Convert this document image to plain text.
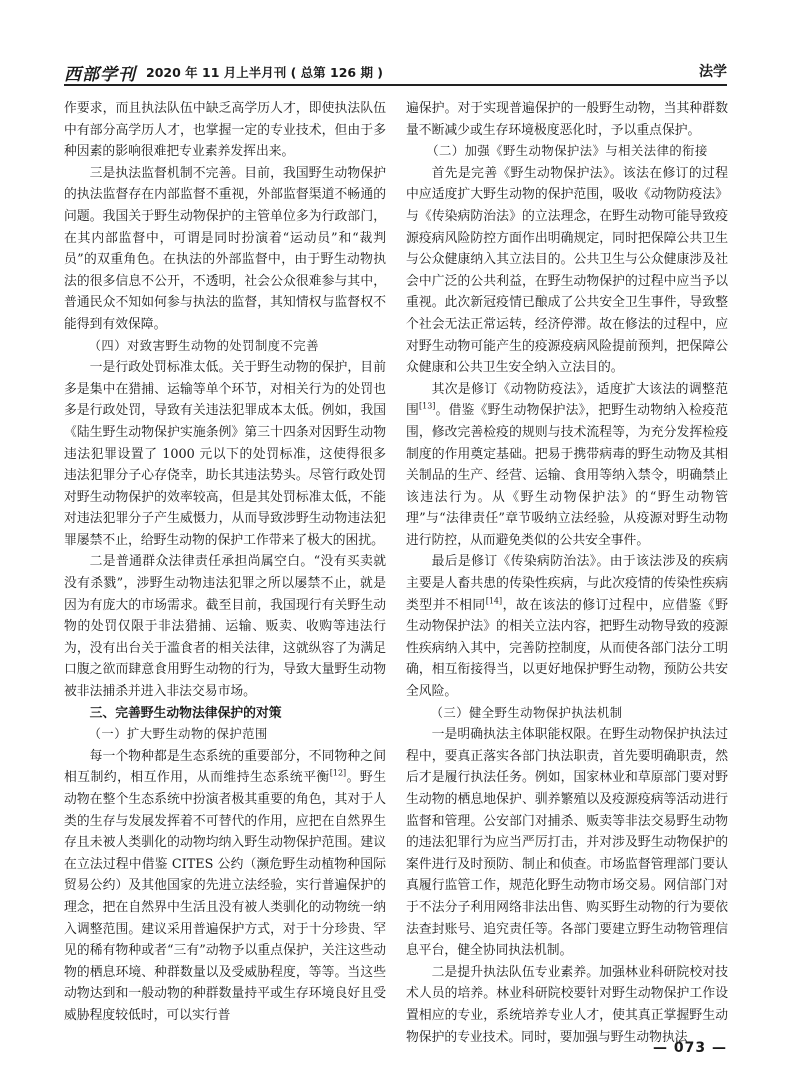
西部学刊 2020 年 11 月上半月刊 ( 总第 126 期 )	法学

作要求，而且执法队伍中缺乏高学历人才，即使执法队伍中有部分高学历人才，也掌握一定的专业技术，但由于多种因素的影响很难把专业素养发挥出来。

三是执法监督机制不完善。目前，我国野生动物保护的执法监督存在内部监督不重视，外部监督渠道不畅通的问题。我国关于野生动物保护的主管单位多为行政部门，在其内部监督中，可谓是同时扮演着“运动员”和“裁判员”的双重角色。在执法的外部监督中，由于野生动物执法的很多信息不公开，不透明，社会公众很难参与其中，普通民众不知如何参与执法的监督，其知情权与监督权不能得到有效保障。

（四）对致害野生动物的处罚制度不完善

一是行政处罚标准太低。关于野生动物的保护，目前多是集中在猎捕、运输等单个环节，对相关行为的处罚也多是行政处罚，导致有关违法犯罪成本太低。例如，我国《陆生野生动物保护实施条例》第三十四条对因野生动物违法犯罪设置了 1000 元以下的处罚标准，这使得很多违法犯罪分子心存侥幸，助长其违法势头。尽管行政处罚对野生动物保护的效率较高，但是其处罚标准太低，不能对违法犯罪分子产生威慑力，从而导致涉野生动物违法犯罪屡禁不止，给野生动物的保护工作带来了极大的困扰。

二是普通群众法律责任承担尚属空白。“没有买卖就没有杀戮”，涉野生动物违法犯罪之所以屡禁不止，就是因为有庞大的市场需求。截至目前，我国现行有关野生动物的处罚仅限于非法猎捕、运输、贩卖、收购等违法行为，没有出台关于滥食者的相关法律，这就纵容了为满足口腹之欲而肆意食用野生动物的行为，导致大量野生动物被非法捕杀并进入非法交易市场。

三、完善野生动物法律保护的对策
（一）扩大野生动物的保护范围

每一个物种都是生态系统的重要部分，不同物种之间相互制约，相互作用，从而维持生态系统平衡[12]。野生动物在整个生态系统中扮演者极其重要的角色，其对于人类的生存与发展发挥着不可替代的作用，应把在自然界生存且未被人类驯化的动物均纳入野生动物保护范围。建议在立法过程中借鉴 CITES 公约（濒危野生动植物种国际贸易公约）及其他国家的先进立法经验，实行普遍保护的理念，把在自然界中生活且没有被人类驯化的动物统一纳入调整范围。建议采用普遍保护方式，对于十分珍贵、罕见的稀有物种或者“三有”动物予以重点保护，关注这些动物的栖息环境、种群数量以及受威胁程度，等等。当这些动物达到和一般动物的种群数量持平或生存环境良好且受威胁程度较低时，可以实行普

遍保护。对于实现普遍保护的一般野生动物，当其种群数量不断减少或生存环境极度恶化时，予以重点保护。

（二）加强《野生动物保护法》与相关法律的衔接

首先是完善《野生动物保护法》。该法在修订的过程中应适度扩大野生动物的保护范围，吸收《动物防疫法》与《传染病防治法》的立法理念，在野生动物可能导致疫源疫病风险防控方面作出明确规定，同时把保障公共卫生与公众健康纳入其立法目的。公共卫生与公众健康涉及社会中广泛的公共利益，在野生动物保护的过程中应当予以重视。此次新冠疫情已酿成了公共安全卫生事件，导致整个社会无法正常运转，经济停滞。故在修法的过程中，应对野生动物可能产生的疫源疫病风险提前预判，把保障公众健康和公共卫生安全纳入立法目的。

其次是修订《动物防疫法》，适度扩大该法的调整范围[13]。借鉴《野生动物保护法》，把野生动物纳入检疫范围，修改完善检疫的规则与技术流程等，为充分发挥检疫制度的作用奠定基础。把易于携带病毒的野生动物及其相关制品的生产、经营、运输、食用等纳入禁令，明确禁止该违法行为。从《野生动物保护法》的“野生动物管理”与“法律责任”章节吸纳立法经验，从疫源对野生动物进行防控，从而避免类似的公共安全事件。

最后是修订《传染病防治法》。由于该法涉及的疾病主要是人畜共患的传染性疾病，与此次疫情的传染性疾病类型并不相同[14]，故在该法的修订过程中，应借鉴《野生动物保护法》的相关立法内容，把野生动物导致的疫源性疾病纳入其中，完善防控制度，从而使各部门法分工明确，相互衔接得当，以更好地保护野生动物，预防公共安全风险。

（三）健全野生动物保护执法机制

一是明确执法主体职能权限。在野生动物保护执法过程中，要真正落实各部门执法职责，首先要明确职责，然后才是履行执法任务。例如，国家林业和草原部门要对野生动物的栖息地保护、驯养繁殖以及疫源疫病等活动进行监督和管理。公安部门对捕杀、贩卖等非法交易野生动物的违法犯罪行为应当严厉打击，并对涉及野生动物保护的案件进行及时预防、制止和侦查。市场监督管理部门要认真履行监管工作，规范化野生动物市场交易。网信部门对于不法分子利用网络非法出售、购买野生动物的行为要依法查封账号、追究责任等。各部门要建立野生动物管理信息平台，健全协同执法机制。

二是提升执法队伍专业素养。加强林业科研院校对技术人员的培养。林业科研院校要针对野生动物保护工作设置相应的专业，系统培养专业人才，使其真正掌握野生动物保护的专业技术。同时，要加强与野生动物执法

— 073 —
